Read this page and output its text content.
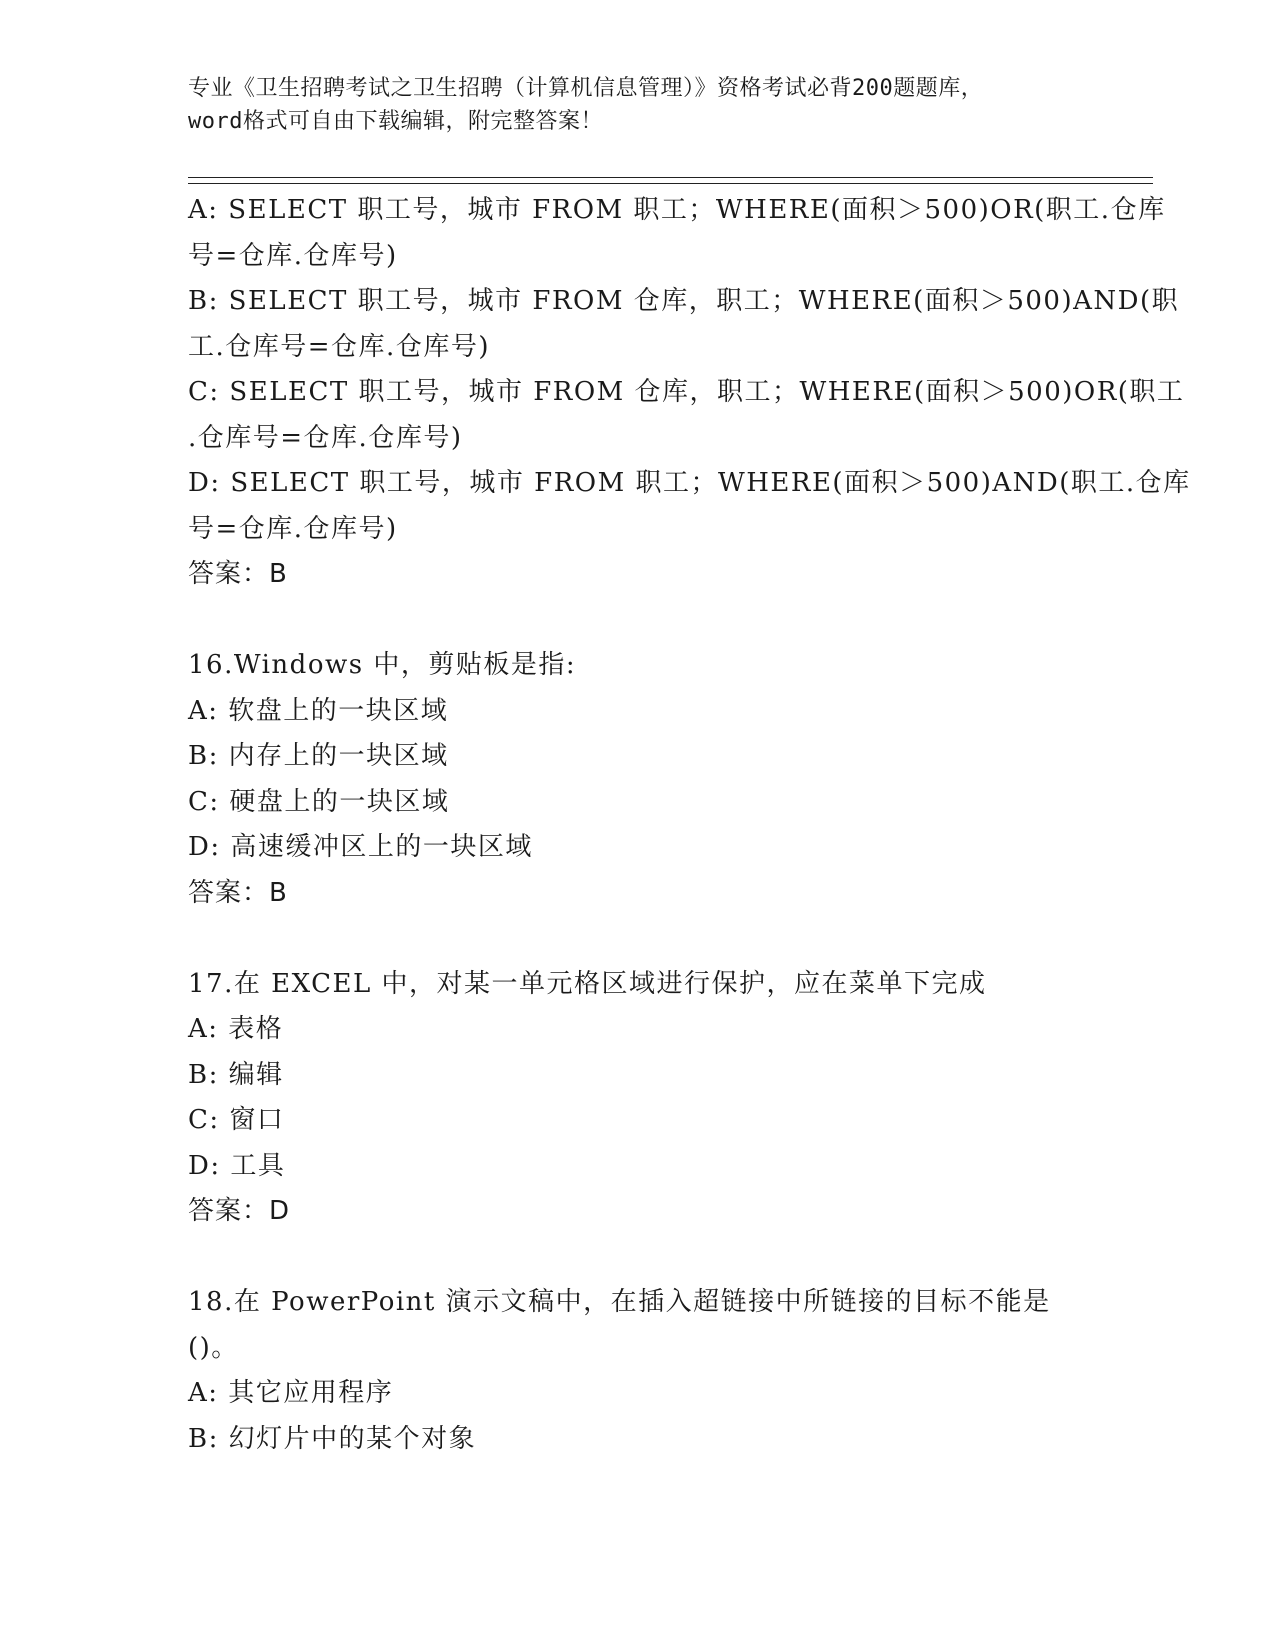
专业《卫生招聘考试之卫生招聘（计算机信息管理）》资格考试必背200题题库，
word格式可自由下载编辑，附完整答案！
A: SELECT 职工号，城市 FROM 职工；WHERE(面积＞500)OR(职工.仓库
号=仓库.仓库号)
B: SELECT 职工号，城市 FROM 仓库，职工；WHERE(面积＞500)AND(职
工.仓库号=仓库.仓库号)
C: SELECT 职工号，城市 FROM 仓库，职工；WHERE(面积＞500)OR(职工
.仓库号=仓库.仓库号)
D: SELECT 职工号，城市 FROM 职工；WHERE(面积＞500)AND(职工.仓库
号=仓库.仓库号)
答案：B
16.Windows 中，剪贴板是指:
A: 软盘上的一块区域
B: 内存上的一块区域
C: 硬盘上的一块区域
D: 高速缓冲区上的一块区域
答案：B
17.在 EXCEL 中，对某一单元格区域进行保护，应在菜单下完成
A: 表格
B: 编辑
C: 窗口
D: 工具
答案：D
18.在 PowerPoint 演示文稿中，在插入超链接中所链接的目标不能是
()。
A: 其它应用程序
B: 幻灯片中的某个对象
